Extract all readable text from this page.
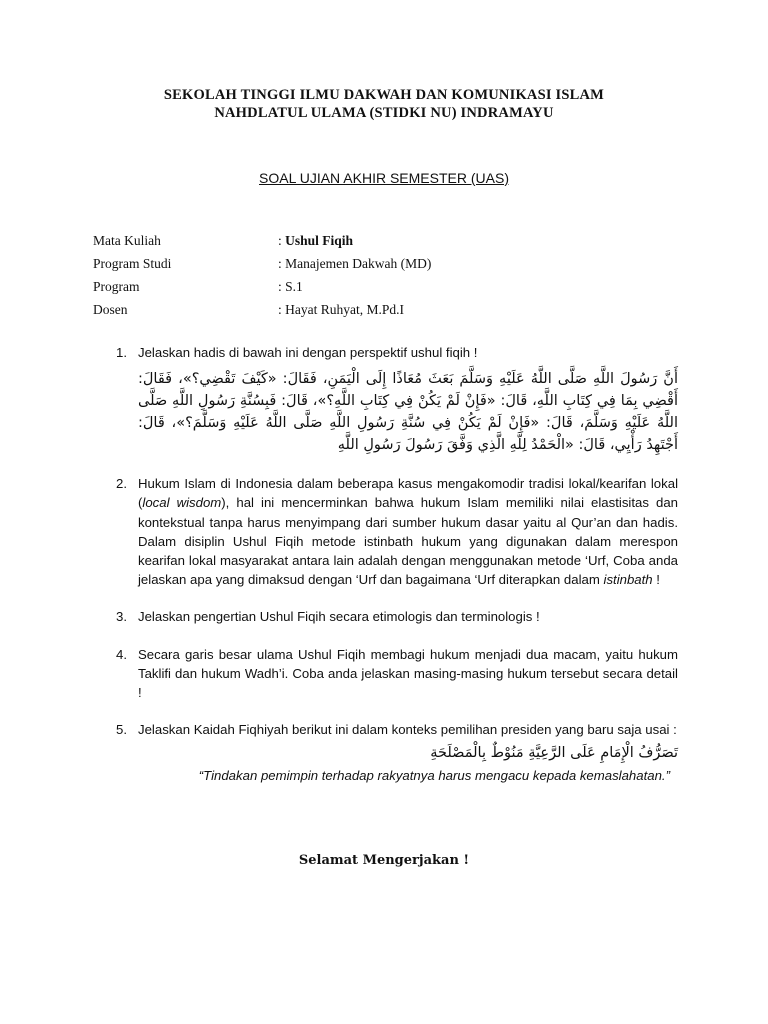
SEKOLAH TINGGI ILMU DAKWAH DAN KOMUNIKASI ISLAM
NAHDLATUL ULAMA (STIDKI NU) INDRAMAYU
SOAL UJIAN AKHIR SEMESTER (UAS)
Mata Kuliah	: Ushul Fiqih
Program Studi	: Manajemen Dakwah (MD)
Program	: S.1
Dosen	: Hayat Ruhyat, M.Pd.I
1. Jelaskan hadis di bawah ini dengan perspektif ushul fiqih !
أَنَّ رَسُولَ اللَّهِ صَلَّى اللَّهُ عَلَيْهِ وَسَلَّمَ بَعَثَ مُعَاذًا إِلَى الْيَمَنِ، فَقَالَ: «كَيْفَ تَقْضِي؟»، فَقَالَ: أَقْضِي بِمَا فِي كِتَابِ اللَّهِ، قَالَ: «فَإِنْ لَمْ يَكُنْ فِي كِتَابِ اللَّهِ؟»، قَالَ: فَبِسُنَّةِ رَسُولِ اللَّهِ صَلَّى اللَّهُ عَلَيْهِ وَسَلَّمَ، قَالَ: «فَإِنْ لَمْ يَكُنْ فِي سُنَّةِ رَسُولِ اللَّهِ صَلَّى اللَّهُ عَلَيْهِ وَسَلَّمَ؟»، قَالَ: أَجْتَهِدُ رَأْيِي، قَالَ: «الْحَمْدُ لِلَّهِ الَّذِي وَفَّقَ رَسُولَ رَسُولِ اللَّهِ
2. Hukum Islam di Indonesia dalam beberapa kasus mengakomodir tradisi lokal/kearifan lokal (local wisdom), hal ini mencerminkan bahwa hukum Islam memiliki nilai elastisitas dan kontekstual tanpa harus menyimpang dari sumber hukum dasar yaitu al Qur’an dan hadis. Dalam disiplin Ushul Fiqih metode istinbath hukum yang digunakan dalam merespon kearifan lokal masyarakat antara lain adalah dengan menggunakan metode ‘Urf, Coba anda jelaskan apa yang dimaksud dengan ‘Urf dan bagaimana ‘Urf diterapkan dalam istinbath !
3. Jelaskan pengertian Ushul Fiqih secara etimologis dan terminologis !
4. Secara garis besar ulama Ushul Fiqih membagi hukum menjadi dua macam, yaitu hukum Taklifi dan hukum Wadh’i. Coba anda jelaskan masing-masing hukum tersebut secara detail !
5. Jelaskan Kaidah Fiqhiyah berikut ini dalam konteks pemilihan presiden yang baru saja usai :
تَصَرُّفُ الْإِمَامِ عَلَى الرَّعِيَّةِ مَنُوْطٌ بِالْمَصْلَحَةِ
“Tindakan pemimpin terhadap rakyatnya harus mengacu kepada kemaslahatan.”
Selamat Mengerjakan !
